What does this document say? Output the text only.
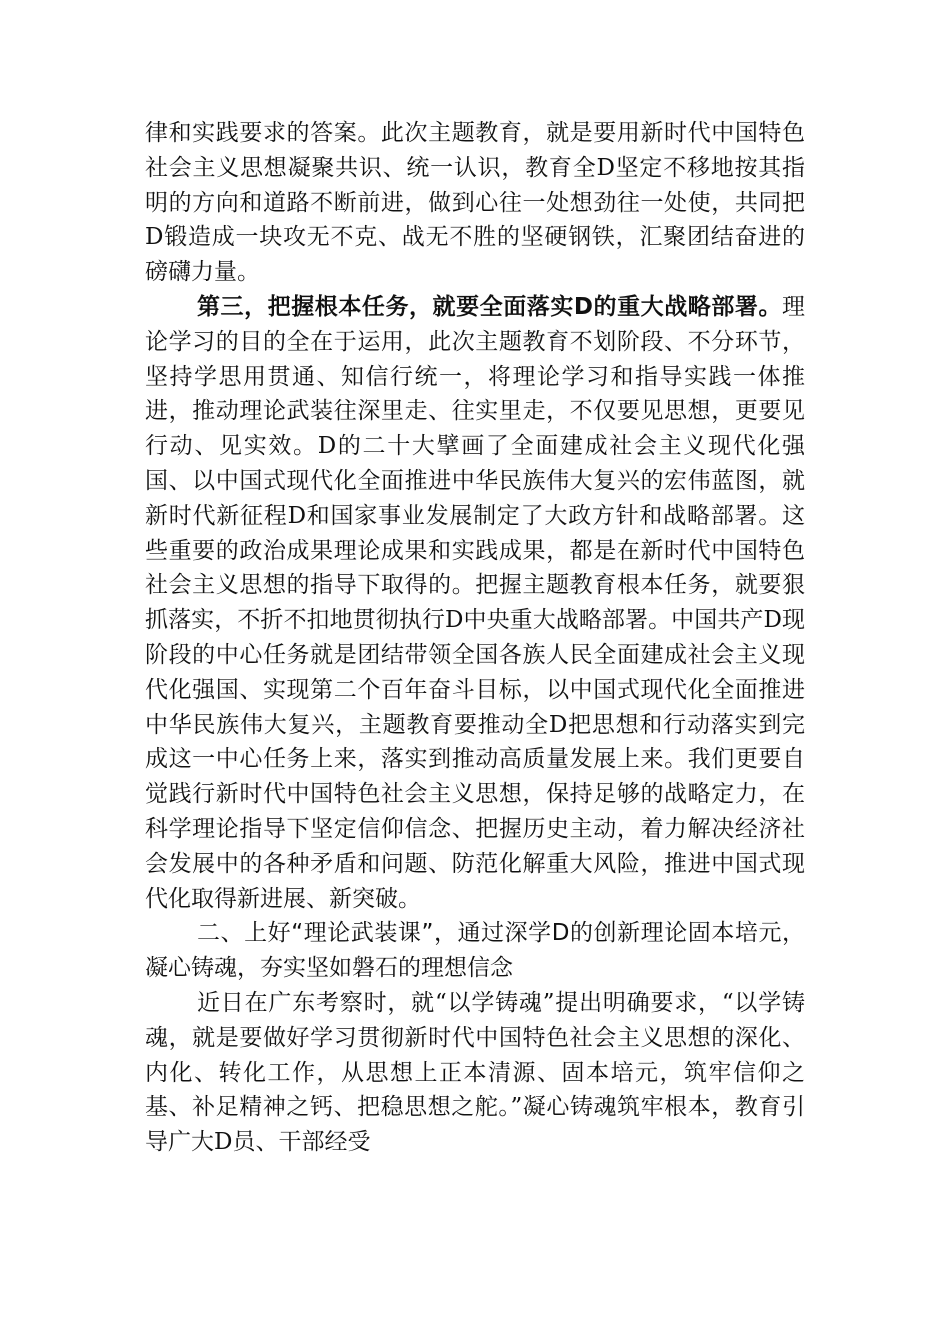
律和实践要求的答案。此次主题教育，就是要用新时代中国特色社会主义思想凝聚共识、统一认识，教育全D坚定不移地按其指明的方向和道路不断前进，做到心往一处想劲往一处使，共同把D锻造成一块攻无不克、战无不胜的坚硬钢铁，汇聚团结奋进的磅礴力量。

第三，把握根本任务，就要全面落实D的重大战略部署。理论学习的目的全在于运用，此次主题教育不划阶段、不分环节，坚持学思用贯通、知信行统一，将理论学习和指导实践一体推进，推动理论武装往深里走、往实里走，不仅要见思想，更要见行动、见实效。D的二十大擘画了全面建成社会主义现代化强国、以中国式现代化全面推进中华民族伟大复兴的宏伟蓝图，就新时代新征程D和国家事业发展制定了大政方针和战略部署。这些重要的政治成果理论成果和实践成果，都是在新时代中国特色社会主义思想的指导下取得的。把握主题教育根本任务，就要狠抓落实，不折不扣地贯彻执行D中央重大战略部署。中国共产D现阶段的中心任务就是团结带领全国各族人民全面建成社会主义现代化强国、实现第二个百年奋斗目标，以中国式现代化全面推进中华民族伟大复兴，主题教育要推动全D把思想和行动落实到完成这一中心任务上来，落实到推动高质量发展上来。我们更要自觉践行新时代中国特色社会主义思想，保持足够的战略定力，在科学理论指导下坚定信仰信念、把握历史主动，着力解决经济社会发展中的各种矛盾和问题、防范化解重大风险，推进中国式现代化取得新进展、新突破。

二、上好“理论武装课”，通过深学D的创新理论固本培元，凝心铸魂，夯实坚如磐石的理想信念

近日在广东考察时，就“以学铸魂”提出明确要求，“以学铸魂，就是要做好学习贯彻新时代中国特色社会主义思想的深化、内化、转化工作，从思想上正本清源、固本培元，筑牢信仰之基、补足精神之钙、把稳思想之舵。”凝心铸魂筑牢根本，教育引导广大D员、干部经受
